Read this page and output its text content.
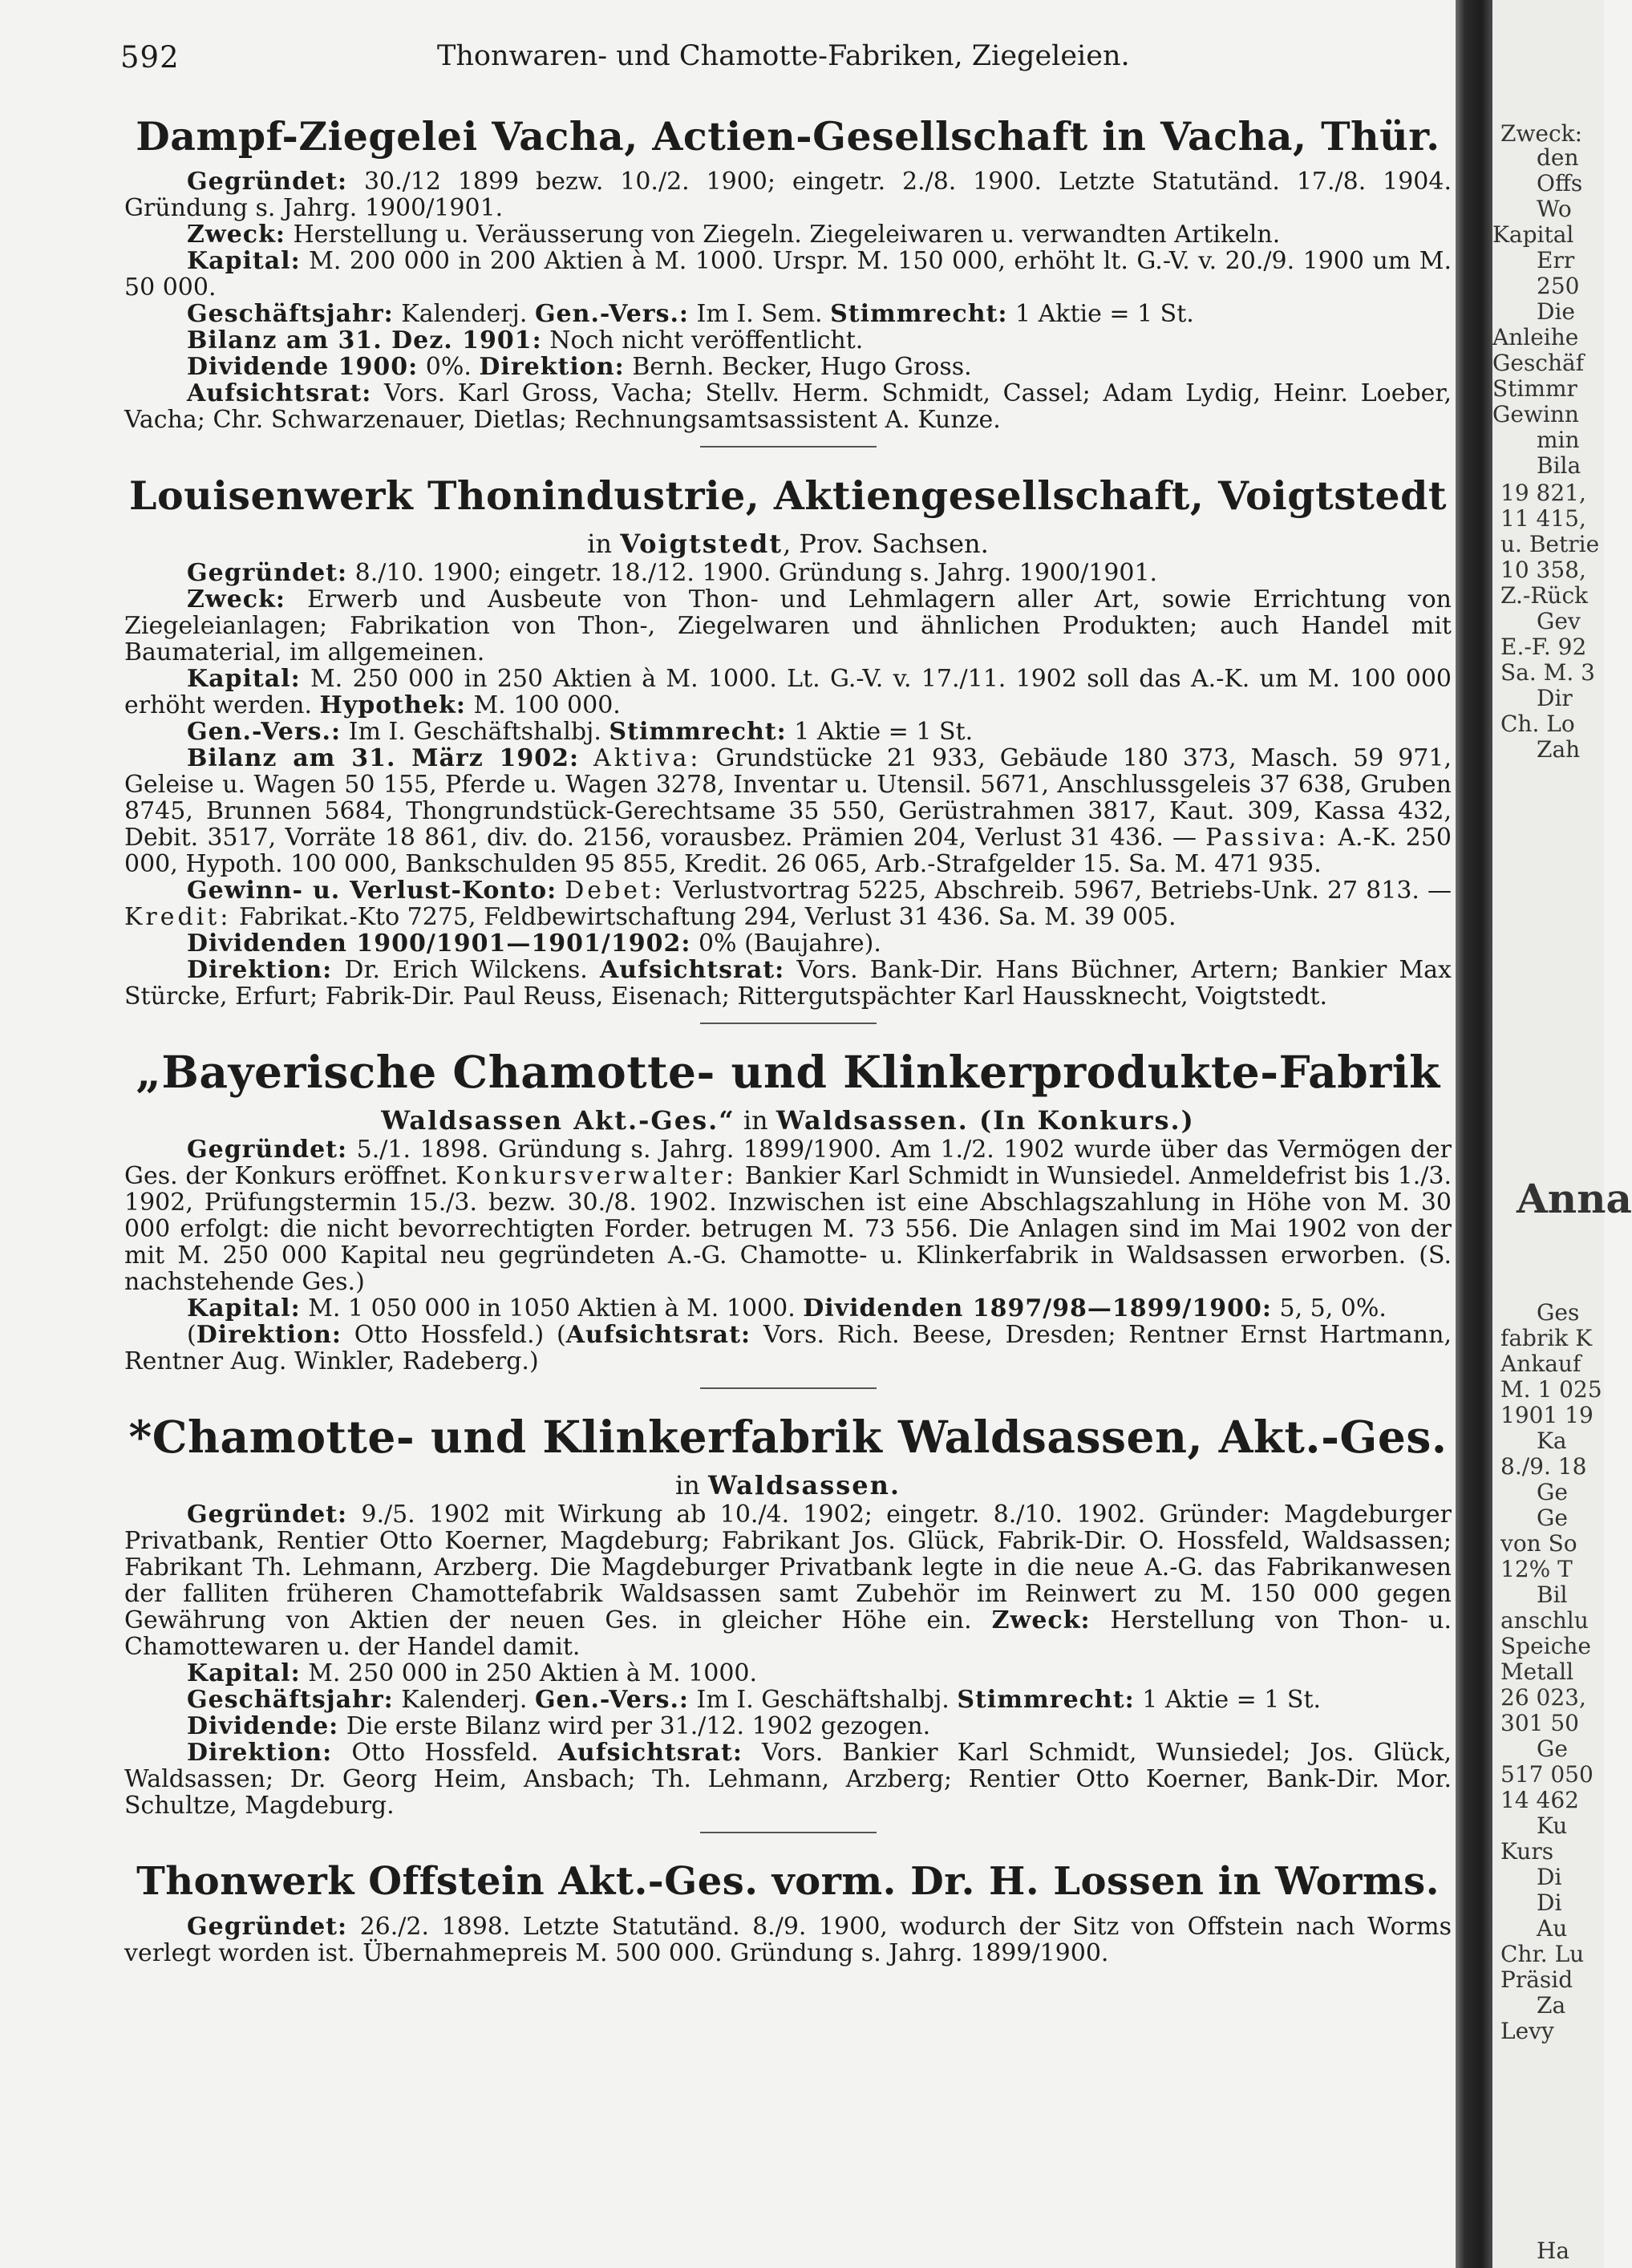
592	Thonwaren- und Chamotte-Fabriken, Ziegeleien.
Dampf-Ziegelei Vacha, Actien-Gesellschaft in Vacha, Thür.

Gegründet: 30./12 1899 bezw. 10./2. 1900; eingetr. 2./8. 1900. Letzte Statutänd. 17./8. 1904. Gründung s. Jahrg. 1900/1901.

Zweck: Herstellung u. Veräusserung von Ziegeln. Ziegeleiwaren u. verwandten Artikeln.

Kapital: M. 200 000 in 200 Aktien à M. 1000. Urspr. M. 150 000, erhöht lt. G.-V. v. 20./9. 1900 um M. 50 000.

Geschäftsjahr: Kalenderj. Gen.-Vers.: Im I. Sem. Stimmrecht: 1 Aktie = 1 St.

Bilanz am 31. Dez. 1901: Noch nicht veröffentlicht.

Dividende 1900: 0%. Direktion: Bernh. Becker, Hugo Gross.

Aufsichtsrat: Vors. Karl Gross, Vacha; Stellv. Herm. Schmidt, Cassel; Adam Lydig, Heinr. Loeber, Vacha; Chr. Schwarzenauer, Dietlas; Rechnungsamtsassistent A. Kunze.

Louisenwerk Thonindustrie, Aktiengesellschaft, Voigtstedt
in Voigtstedt, Prov. Sachsen.

Gegründet: 8./10. 1900; eingetr. 18./12. 1900. Gründung s. Jahrg. 1900/1901.

Zweck: Erwerb und Ausbeute von Thon- und Lehmlagern aller Art, sowie Errichtung von Ziegeleianlagen; Fabrikation von Thon-, Ziegelwaren und ähnlichen Produkten; auch Handel mit Baumaterial, im allgemeinen.

Kapital: M. 250 000 in 250 Aktien à M. 1000. Lt. G.-V. v. 17./11. 1902 soll das A.-K. um M. 100 000 erhöht werden. Hypothek: M. 100 000.

Gen.-Vers.: Im I. Geschäftshalbj. Stimmrecht: 1 Aktie = 1 St.

Bilanz am 31. März 1902: Aktiva: Grundstücke 21 933, Gebäude 180 373, Masch. 59 971, Geleise u. Wagen 50 155, Pferde u. Wagen 3278, Inventar u. Utensil. 5671, Anschlussgeleis 37 638, Gruben 8745, Brunnen 5684, Thongrundstück-Gerechtsame 35 550, Gerüstrahmen 3817, Kaut. 309, Kassa 432, Debit. 3517, Vorräte 18 861, div. do. 2156, vorausbez. Prämien 204, Verlust 31 436. — Passiva: A.-K. 250 000, Hypoth. 100 000, Bankschulden 95 855, Kredit. 26 065, Arb.-Strafgelder 15. Sa. M. 471 935.

Gewinn- u. Verlust-Konto: Debet: Verlustvortrag 5225, Abschreib. 5967, Betriebs-Unk. 27 813. — Kredit: Fabrikat.-Kto 7275, Feldbewirtschaftung 294, Verlust 31 436. Sa. M. 39 005.

Dividenden 1900/1901—1901/1902: 0% (Baujahre).

Direktion: Dr. Erich Wilckens. Aufsichtsrat: Vors. Bank-Dir. Hans Büchner, Artern; Bankier Max Stürcke, Erfurt; Fabrik-Dir. Paul Reuss, Eisenach; Rittergutspächter Karl Haussknecht, Voigtstedt.

„Bayerische Chamotte- und Klinkerprodukte-Fabrik
Waldsassen Akt.-Ges.“ in Waldsassen. (In Konkurs.)

Gegründet: 5./1. 1898. Gründung s. Jahrg. 1899/1900. Am 1./2. 1902 wurde über das Vermögen der Ges. der Konkurs eröffnet. Konkursverwalter: Bankier Karl Schmidt in Wunsiedel. Anmeldefrist bis 1./3. 1902, Prüfungstermin 15./3. bezw. 30./8. 1902. Inzwischen ist eine Abschlagszahlung in Höhe von M. 30 000 erfolgt: die nicht bevorrechtigten Forder. betrugen M. 73 556. Die Anlagen sind im Mai 1902 von der mit M. 250 000 Kapital neu gegründeten A.-G. Chamotte- u. Klinkerfabrik in Waldsassen erworben. (S. nachstehende Ges.)

Kapital: M. 1 050 000 in 1050 Aktien à M. 1000. Dividenden 1897/98—1899/1900: 5, 5, 0%.

(Direktion: Otto Hossfeld.) (Aufsichtsrat: Vors. Rich. Beese, Dresden; Rentner Ernst Hartmann, Rentner Aug. Winkler, Radeberg.)

*Chamotte- und Klinkerfabrik Waldsassen, Akt.-Ges.
in Waldsassen.

Gegründet: 9./5. 1902 mit Wirkung ab 10./4. 1902; eingetr. 8./10. 1902. Gründer: Magdeburger Privatbank, Rentier Otto Koerner, Magdeburg; Fabrikant Jos. Glück, Fabrik-Dir. O. Hossfeld, Waldsassen; Fabrikant Th. Lehmann, Arzberg. Die Magdeburger Privatbank legte in die neue A.-G. das Fabrikanwesen der falliten früheren Chamottefabrik Waldsassen samt Zubehör im Reinwert zu M. 150 000 gegen Gewährung von Aktien der neuen Ges. in gleicher Höhe ein. Zweck: Herstellung von Thon- u. Chamottewaren u. der Handel damit.

Kapital: M. 250 000 in 250 Aktien à M. 1000.

Geschäftsjahr: Kalenderj. Gen.-Vers.: Im I. Geschäftshalbj. Stimmrecht: 1 Aktie = 1 St.

Dividende: Die erste Bilanz wird per 31./12. 1902 gezogen.

Direktion: Otto Hossfeld. Aufsichtsrat: Vors. Bankier Karl Schmidt, Wunsiedel; Jos. Glück, Waldsassen; Dr. Georg Heim, Ansbach; Th. Lehmann, Arzberg; Rentier Otto Koerner, Bank-Dir. Mor. Schultze, Magdeburg.

Thonwerk Offstein Akt.-Ges. vorm. Dr. H. Lossen in Worms.

Gegründet: 26./2. 1898. Letzte Statutänd. 8./9. 1900, wodurch der Sitz von Offstein nach Worms verlegt worden ist. Übernahmepreis M. 500 000. Gründung s. Jahrg. 1899/1900.

Zweck:
den
Offs
Wo
Kapital
Err
250
Die
Anleihe
Geschäf
Stimmr
Gewinn
min
Bila
19 821,
11 415,
u. Betrie
10 358,
Z.-Rück
Gev
E.-F. 92
Sa. M. 3
Dir
Ch. Lo
Zah
Anna
Ges
fabrik K
Ankauf
M. 1 025
1901 19
Ka
8./9. 18
Ge
Ge
von So
12% T
Bil
anschlu
Speiche
Metall
26 023,
301 50
Ge
517 050
14 462
Ku
Kurs
Di
Di
Au
Chr. Lu
Präsid
Za
Levy
Ha
